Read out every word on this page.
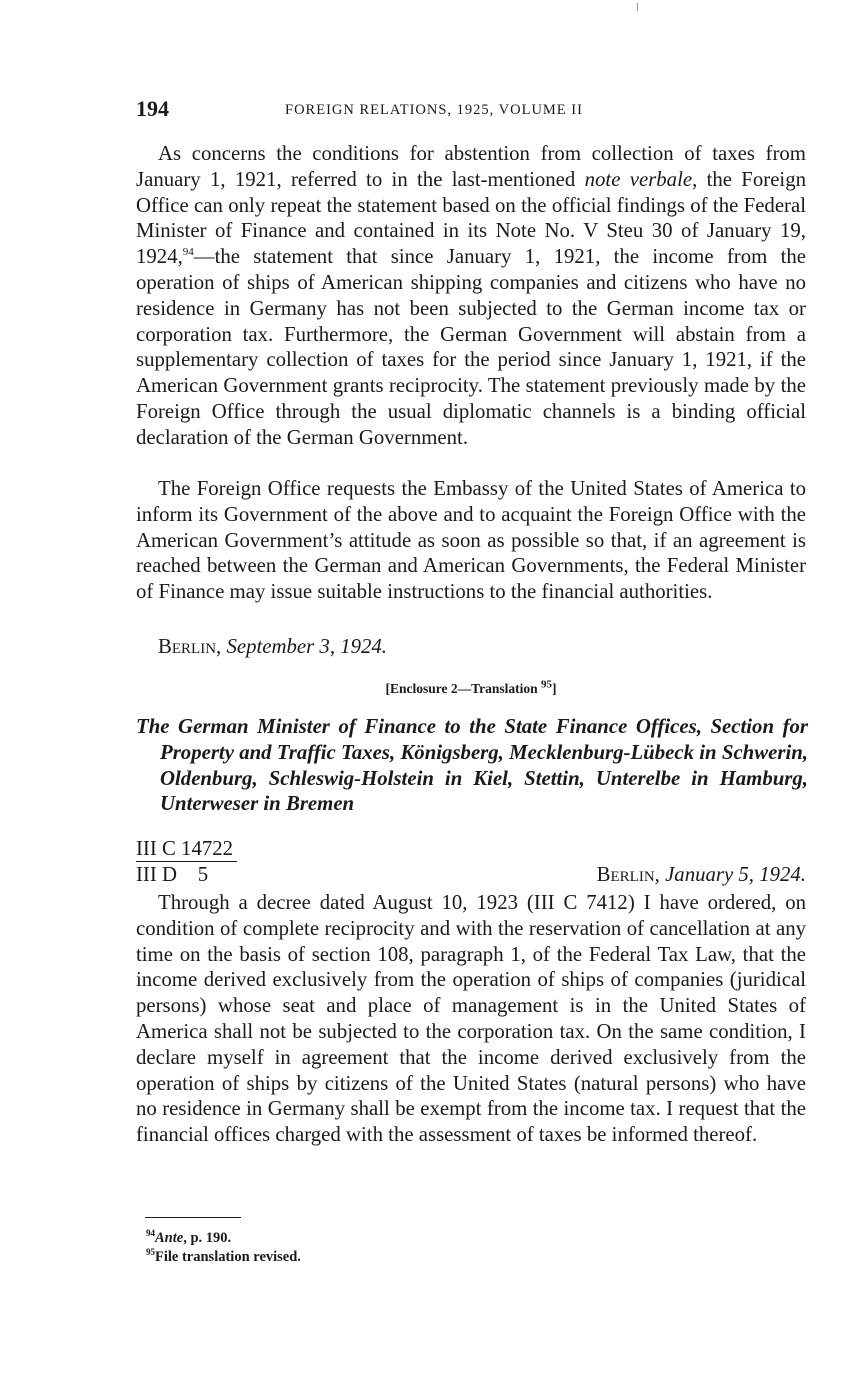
194	FOREIGN RELATIONS, 1925, VOLUME II

As concerns the conditions for abstention from collection of taxes from January 1, 1921, referred to in the last-mentioned note verbale, the Foreign Office can only repeat the statement based on the official findings of the Federal Minister of Finance and contained in its Note No. V Steu 30 of January 19, 1924,94—the statement that since January 1, 1921, the income from the operation of ships of American shipping companies and citizens who have no residence in Germany has not been subjected to the German income tax or corporation tax. Furthermore, the German Government will abstain from a supplementary collection of taxes for the period since January 1, 1921, if the American Government grants reciprocity. The statement previously made by the Foreign Office through the usual diplomatic channels is a binding official declaration of the German Government.

The Foreign Office requests the Embassy of the United States of America to inform its Government of the above and to acquaint the Foreign Office with the American Government’s attitude as soon as possible so that, if an agreement is reached between the German and American Governments, the Federal Minister of Finance may issue suitable instructions to the financial authorities.

Berlin, September 3, 1924.
[Enclosure 2—Translation $^{95}$]
The German Minister of Finance to the State Finance Offices, Section for Property and Traffic Taxes, Königsberg, Mecklenburg-Lübeck in Schwerin, Oldenburg, Schleswig-Holstein in Kiel, Stettin, Unterelbe in Hamburg, Unterweser in Bremen
III C 14722
III D    5	Berlin, January 5, 1924.

Through a decree dated August 10, 1923 (III C 7412) I have ordered, on condition of complete reciprocity and with the reservation of cancellation at any time on the basis of section 108, paragraph 1, of the Federal Tax Law, that the income derived exclusively from the operation of ships of companies (juridical persons) whose seat and place of management is in the United States of America shall not be subjected to the corporation tax. On the same condition, I declare myself in agreement that the income derived exclusively from the operation of ships by citizens of the United States (natural persons) who have no residence in Germany shall be exempt from the income tax. I request that the financial offices charged with the assessment of taxes be informed thereof.

$^{94}$Ante, p. 190.
$^{95}$File translation revised.
